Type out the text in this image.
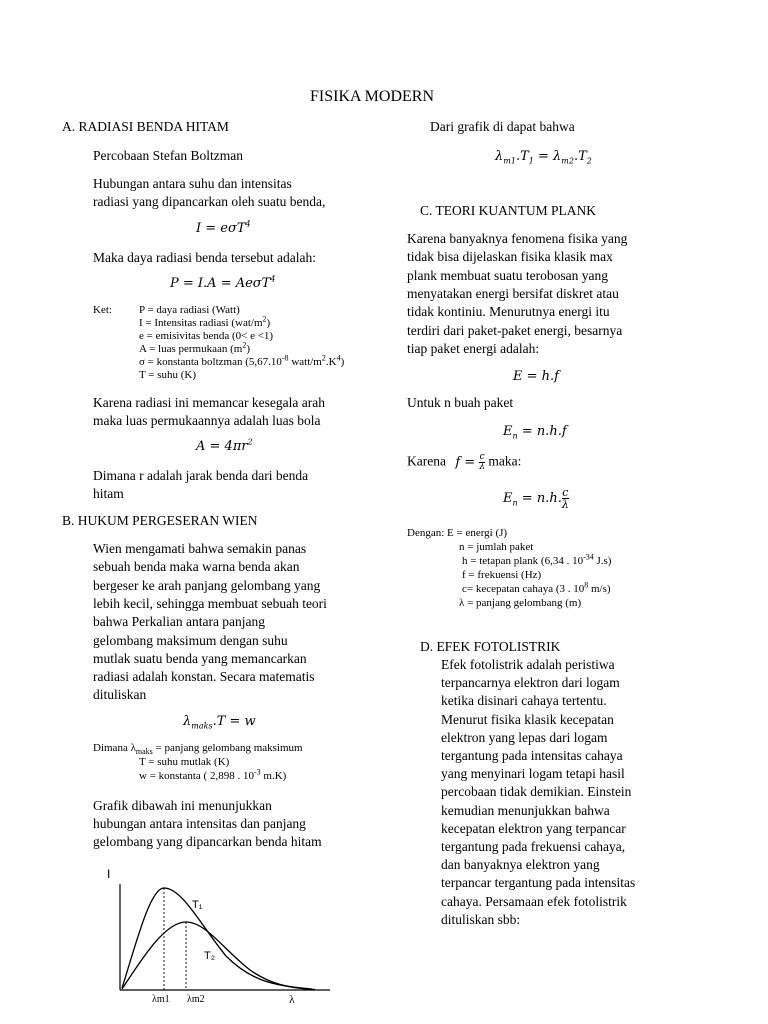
FISIKA MODERN
A. RADIASI BENDA HITAM
Percobaan Stefan Boltzman
Hubungan antara suhu dan intensitas
radiasi yang dipancarkan oleh suatu benda,
I = eσT$^4$
Maka daya radiasi benda tersebut adalah:
P = I.A = AeσT$^4$
Ket: P = daya radiasi (Watt)
I = Intensitas radiasi $(wat/m^2)$
e = emisivitas benda (0< e <1)
A = luas permukaan $(m^2)$
σ = konstanta boltzman ($5,67.10^{-8}$ watt/$m^2.K^4$)
T = suhu (K)
Karena radiasi ini memancar kesegala arah
maka luas permukaannya adalah luas bola
$A = 4\pi r^2$
Dimana r adalah jarak benda dari benda
hitam
B. HUKUM PERGESERAN WIEN
Wien mengamati bahwa semakin panas
sebuah benda maka warna benda akan
bergeser ke arah panjang gelombang yang
lebih kecil, sehingga membuat sebuah teori
bahwa Perkalian antara panjang
gelombang maksimum dengan suhu
mutlak suatu benda yang memancarkan
radiasi adalah konstan. Secara matematis
dituliskan
$\lambda_{maks}.T = w$
Dimana $\lambda_{maks}$ = panjang gelombang maksimum
T = suhu mutlak (K)
w = konstanta ( 2,898 . $10^{-3}$ m.K)
Grafik dibawah ini menunjukkan
hubungan antara intensitas dan panjang
gelombang yang dipancarkan benda hitam
I
T₁
T₂
λm1 λm2	λ
Dari grafik di dapat bahwa
$\lambda_{m1}.T_1 = \lambda_{m2}.T_2$
C. TEORI KUANTUM PLANK
Karena banyaknya fenomena fisika yang
tidak bisa dijelaskan fisika klasik max
plank membuat suatu terobosan yang
menyatakan energi bersifat diskret atau
tidak kontiniu. Menurutnya energi itu
terdiri dari paket-paket energi, besarnya
tiap paket energi adalah:
E = h.f
Untuk n buah paket
$E_n = n.h.f$
Karena $f = \frac{c}{\lambda}$ maka:
$E_n = n.h$. $\frac{c}{\lambda}$
Dengan: E = energi (J)
n = jumlah paket
h = tetapan plank (6,34 . $10^{-34}$ J.s)
f = frekuensi (Hz)
c= kecepatan cahaya (3 . $10^8$ m/s)
λ = panjang gelombang (m)
D. EFEK FOTOLISTRIK
Efek fotolistrik adalah peristiwa
terpancarnya elektron dari logam
ketika disinari cahaya tertentu.
Menurut fisika klasik kecepatan
elektron yang lepas dari logam
tergantung pada intensitas cahaya
yang menyinari logam tetapi hasil
percobaan tidak demikian. Einstein
kemudian menunjukkan bahwa
kecepatan elektron yang terpancar
tergantung pada frekuensi cahaya,
dan banyaknya elektron yang
terpancar tergantung pada intensitas
cahaya. Persamaan efek fotolistrik
dituliskan sbb:
